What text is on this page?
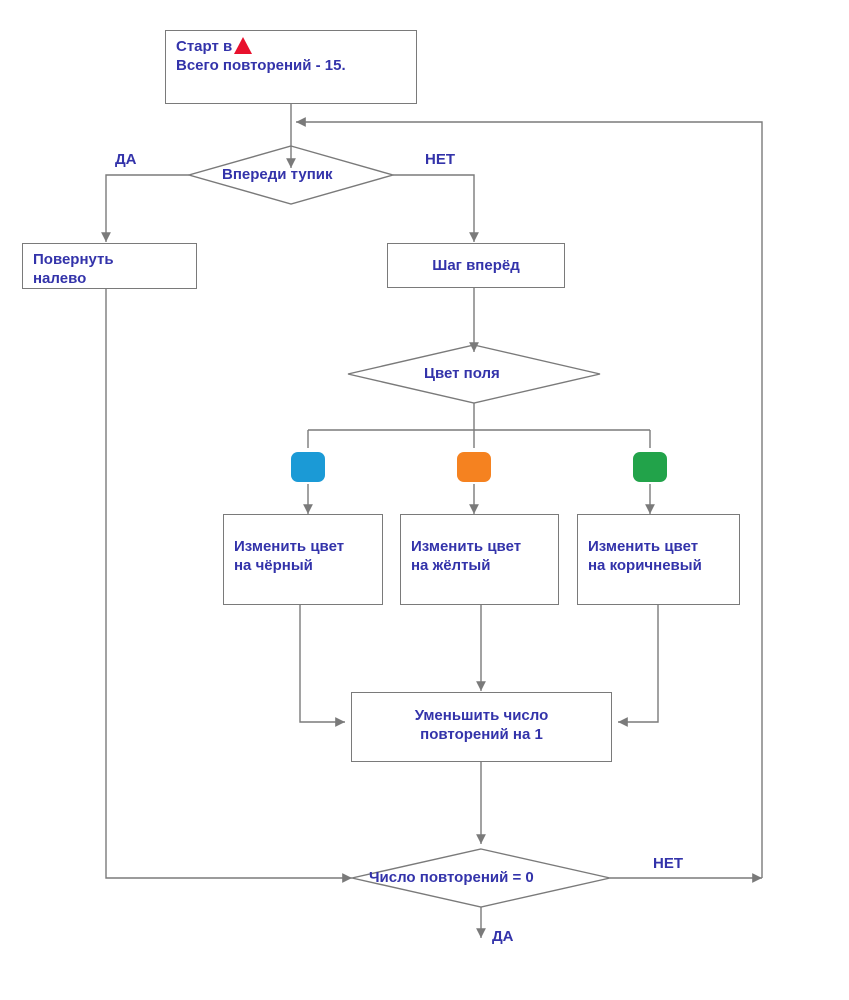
Старт в
Всего повторений - 15.
Впереди тупик
ДА	НЕТ
Повернуть
налево
Шаг вперёд
Цвет поля
Изменить цвет
на чёрный
Изменить цвет
на жёлтый
Изменить цвет
на коричневый
Уменьшить число
повторений на 1
Число повторений = 0
НЕТ
ДА
